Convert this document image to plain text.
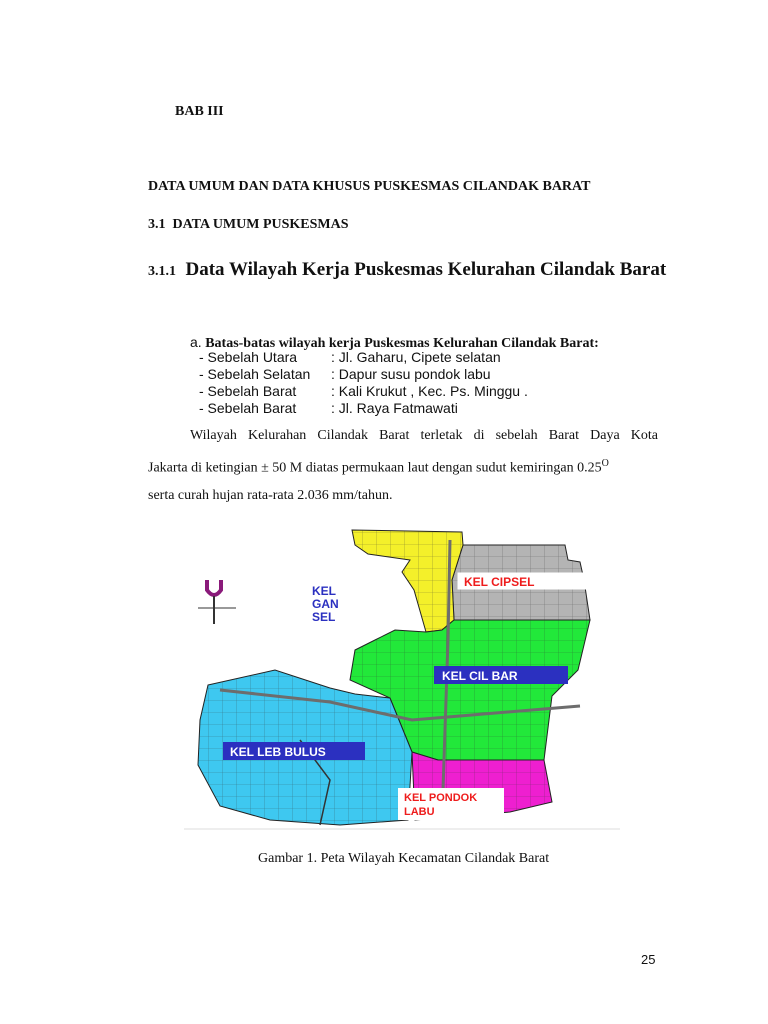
BAB III
DATA UMUM DAN DATA KHUSUS PUSKESMAS CILANDAK BARAT
3.1 DATA UMUM PUSKESMAS
3.1.1 Data Wilayah Kerja Puskesmas Kelurahan Cilandak Barat
a. Batas-batas wilayah kerja Puskesmas Kelurahan Cilandak Barat:
- Sebelah Utara : Jl. Gaharu, Cipete selatan
- Sebelah Selatan : Dapur susu pondok labu
- Sebelah Barat : Kali Krukut , Kec. Ps. Minggu .
- Sebelah Barat : Jl. Raya Fatmawati
Wilayah Kelurahan Cilandak Barat terletak di sebelah Barat Daya Kota
Jakarta di ketingian ± 50 M diatas permukaan laut dengan sudut kemiringan $0.25^O$
serta curah hujan rata-rata 2.036 mm/tahun.
KEL
GAN
SEL
KEL CIPSEL
KEL CIL BAR
KEL LEB BULUS
KEL PONDOK
LABU
Gambar 1. Peta Wilayah Kecamatan Cilandak Barat
25
